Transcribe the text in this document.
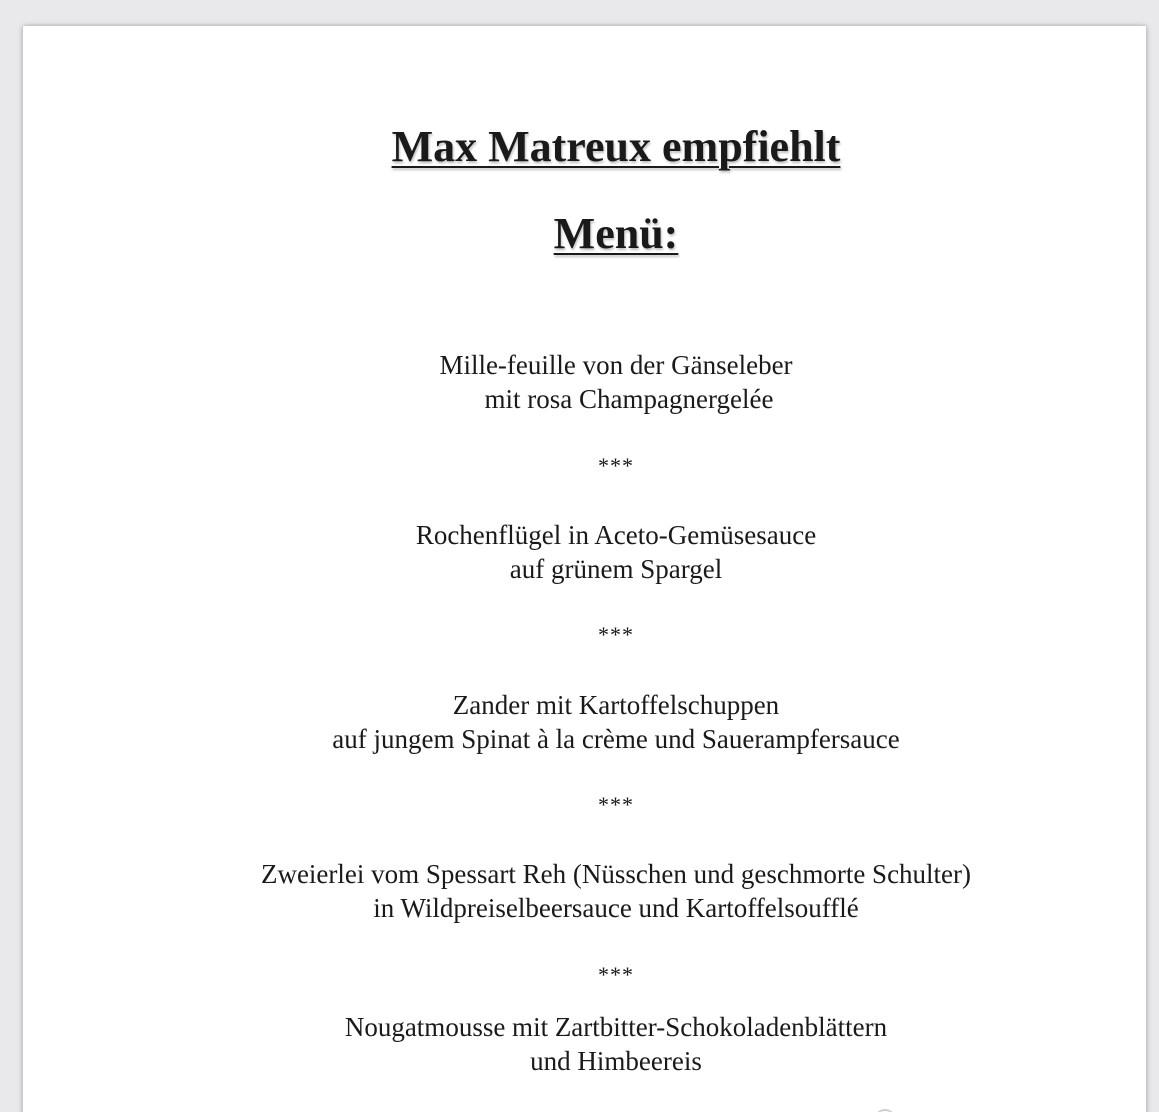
Max Matreux empfiehlt
Menü:
Mille-feuille von der Gänseleber
mit rosa Champagnergelée
***
Rochenflügel in Aceto-Gemüsesauce
auf grünem Spargel
***
Zander mit Kartoffelschuppen
auf jungem Spinat à la crème und Sauerampfersauce
***
Zweierlei vom Spessart Reh (Nüsschen und geschmorte Schulter)
in Wildpreiselbeersauce und Kartoffelsoufflé
***
Nougatmousse mit Zartbitter-Schokoladenblättern
und Himbeereis
